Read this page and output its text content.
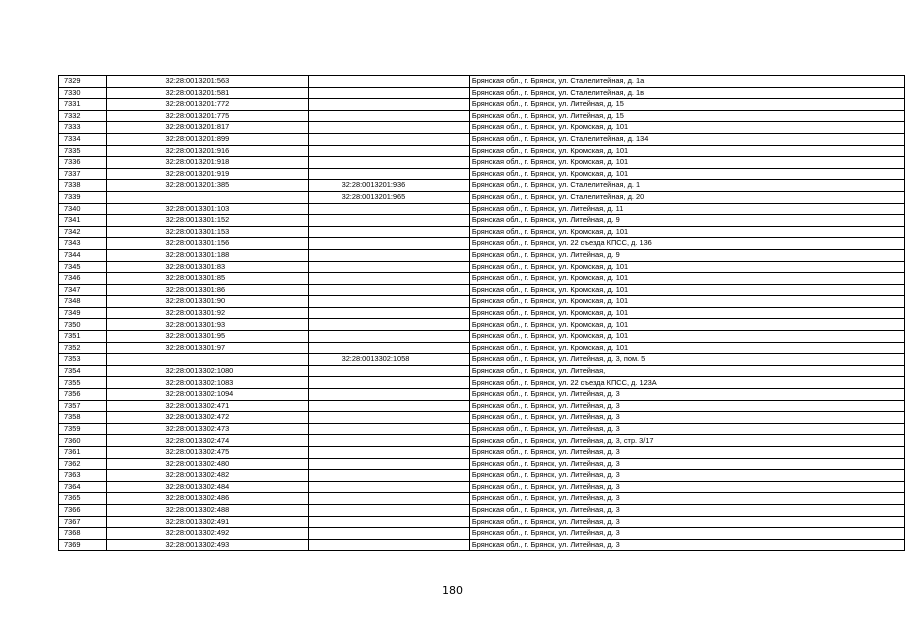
7329	32:28:0013201:563		Брянская обл., г. Брянск, ул. Сталелитейная, д. 1а
7330	32:28:0013201:581		Брянская обл., г. Брянск, ул. Сталелитейная, д. 1в
7331	32:28:0013201:772		Брянская обл., г. Брянск, ул. Литейная, д. 15
7332	32:28:0013201:775		Брянская обл., г. Брянск, ул. Литейная, д. 15
7333	32:28:0013201:817		Брянская обл., г. Брянск, ул. Кромская, д. 101
7334	32:28:0013201:899		Брянская обл., г. Брянск, ул. Сталелитейная, д. 134
7335	32:28:0013201:916		Брянская обл., г. Брянск, ул. Кромская, д. 101
7336	32:28:0013201:918		Брянская обл., г. Брянск, ул. Кромская, д. 101
7337	32:28:0013201:919		Брянская обл., г. Брянск, ул. Кромская, д. 101
7338	32:28:0013201:385	32:28:0013201:936	Брянская обл., г. Брянск, ул. Сталелитейная, д. 1
7339		32:28:0013201:965	Брянская обл., г. Брянск, ул. Сталелитейная, д. 20
7340	32:28:0013301:103		Брянская обл., г. Брянск, ул. Литейная, д. 11
7341	32:28:0013301:152		Брянская обл., г. Брянск, ул. Литейная, д. 9
7342	32:28:0013301:153		Брянская обл., г. Брянск, ул. Кромская, д. 101
7343	32:28:0013301:156		Брянская обл., г. Брянск, ул. 22 съезда КПСС, д. 136
7344	32:28:0013301:188		Брянская обл., г. Брянск, ул. Литейная, д. 9
7345	32:28:0013301:83		Брянская обл., г. Брянск, ул. Кромская, д. 101
7346	32:28:0013301:85		Брянская обл., г. Брянск, ул. Кромская, д. 101
7347	32:28:0013301:86		Брянская обл., г. Брянск, ул. Кромская, д. 101
7348	32:28:0013301:90		Брянская обл., г. Брянск, ул. Кромская, д. 101
7349	32:28:0013301:92		Брянская обл., г. Брянск, ул. Кромская, д. 101
7350	32:28:0013301:93		Брянская обл., г. Брянск, ул. Кромская, д. 101
7351	32:28:0013301:95		Брянская обл., г. Брянск, ул. Кромская, д. 101
7352	32:28:0013301:97		Брянская обл., г. Брянск, ул. Кромская, д. 101
7353		32:28:0013302:1058	Брянская обл., г. Брянск, ул. Литейная, д. 3, пом. 5
7354	32:28:0013302:1080		Брянская обл., г. Брянск, ул. Литейная,
7355	32:28:0013302:1083		Брянская обл., г. Брянск, ул. 22 съезда КПСС, д. 123А
7356	32:28:0013302:1094		Брянская обл., г. Брянск, ул. Литейная, д. 3
7357	32:28:0013302:471		Брянская обл., г. Брянск, ул. Литейная, д. 3
7358	32:28:0013302:472		Брянская обл., г. Брянск, ул. Литейная, д. 3
7359	32:28:0013302:473		Брянская обл., г. Брянск, ул. Литейная, д. 3
7360	32:28:0013302:474		Брянская обл., г. Брянск, ул. Литейная, д. 3, стр. 3/17
7361	32:28:0013302:475		Брянская обл., г. Брянск, ул. Литейная, д. 3
7362	32:28:0013302:480		Брянская обл., г. Брянск, ул. Литейная, д. 3
7363	32:28:0013302:482		Брянская обл., г. Брянск, ул. Литейная, д. 3
7364	32:28:0013302:484		Брянская обл., г. Брянск, ул. Литейная, д. 3
7365	32:28:0013302:486		Брянская обл., г. Брянск, ул. Литейная, д. 3
7366	32:28:0013302:488		Брянская обл., г. Брянск, ул. Литейная, д. 3
7367	32:28:0013302:491		Брянская обл., г. Брянск, ул. Литейная, д. 3
7368	32:28:0013302:492		Брянская обл., г. Брянск, ул. Литейная, д. 3
7369	32:28:0013302:493		Брянская обл., г. Брянск, ул. Литейная, д. 3
180
